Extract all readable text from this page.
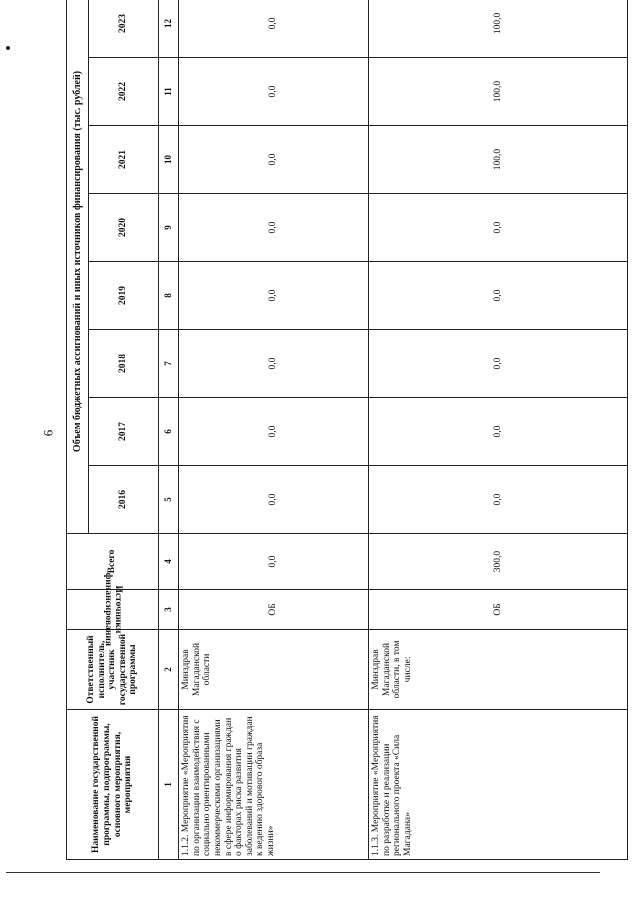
6
Наименование государственной программы, подпрограммы, основного мероприятия, мероприятия	Ответственный исполнитель, участник государственной программы	Источники
финансирования	Всего	Объем бюджетных ассигнований и иных источников финансирования (тыс. рублей)							
				2016	2017	2018	2019	2020	2021	2022	2023
1	2	3	4	5	6	7	8	9	10	11	12
1.1.2. Мероприятие «Мероприятия по организации взаимодействия с социально ориентированными некоммерческими организациями в сфере информирования граждан о факторах риска развития заболеваний и мотивации граждан к ведению здорового образа жизни»	Минздрав Магаданской области	ОБ	0,0	0,0	0,0	0,0	0,0	0,0	0,0	0,0	0,0
1.1.3. Мероприятие «Мероприятия по разработке и реализации регионального проекта «Сила Магадана»	Минздрав Магаданской области, в том числе:	ОБ	300,0	0,0	0,0	0,0	0,0	0,0	100,0	100,0	100,0
